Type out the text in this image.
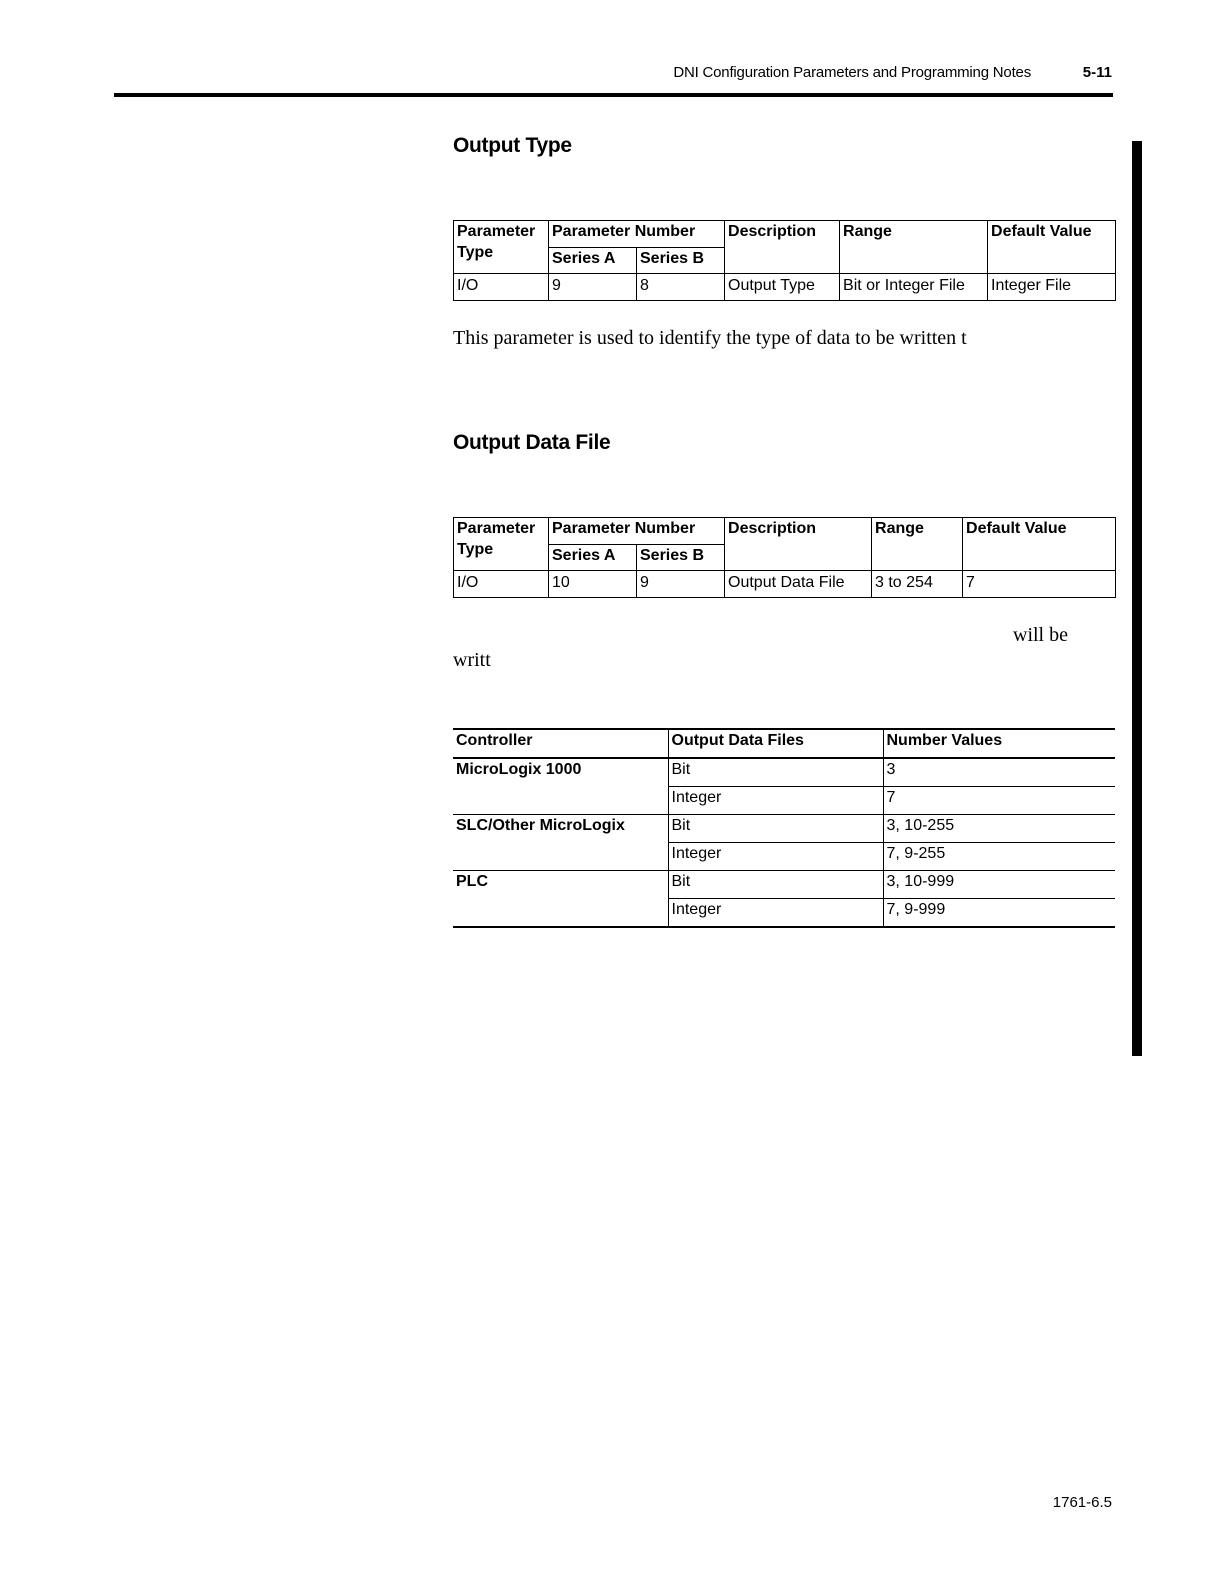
DNI Configuration Parameters and Programming Notes	5-11
Output Type
Parameter Type	Parameter Number		Description	Range	Default Value
	Series A	Series B			
I/O	9	8	Output Type	Bit or Integer File	Integer File

This parameter is used to identify the type of data to be written t

Output Data File
Parameter Type	Parameter Number		Description	Range	Default Value
	Series A	Series B			
I/O	10	9	Output Data File	3 to 254	7

will be

writt

Controller	Output Data Files	Number Values
MicroLogix 1000	Bit	3
	Integer	7
SLC/Other MicroLogix	Bit	3, 10-255
	Integer	7, 9-255
PLC	Bit	3, 10-999
	Integer	7, 9-999
1761-6.5
